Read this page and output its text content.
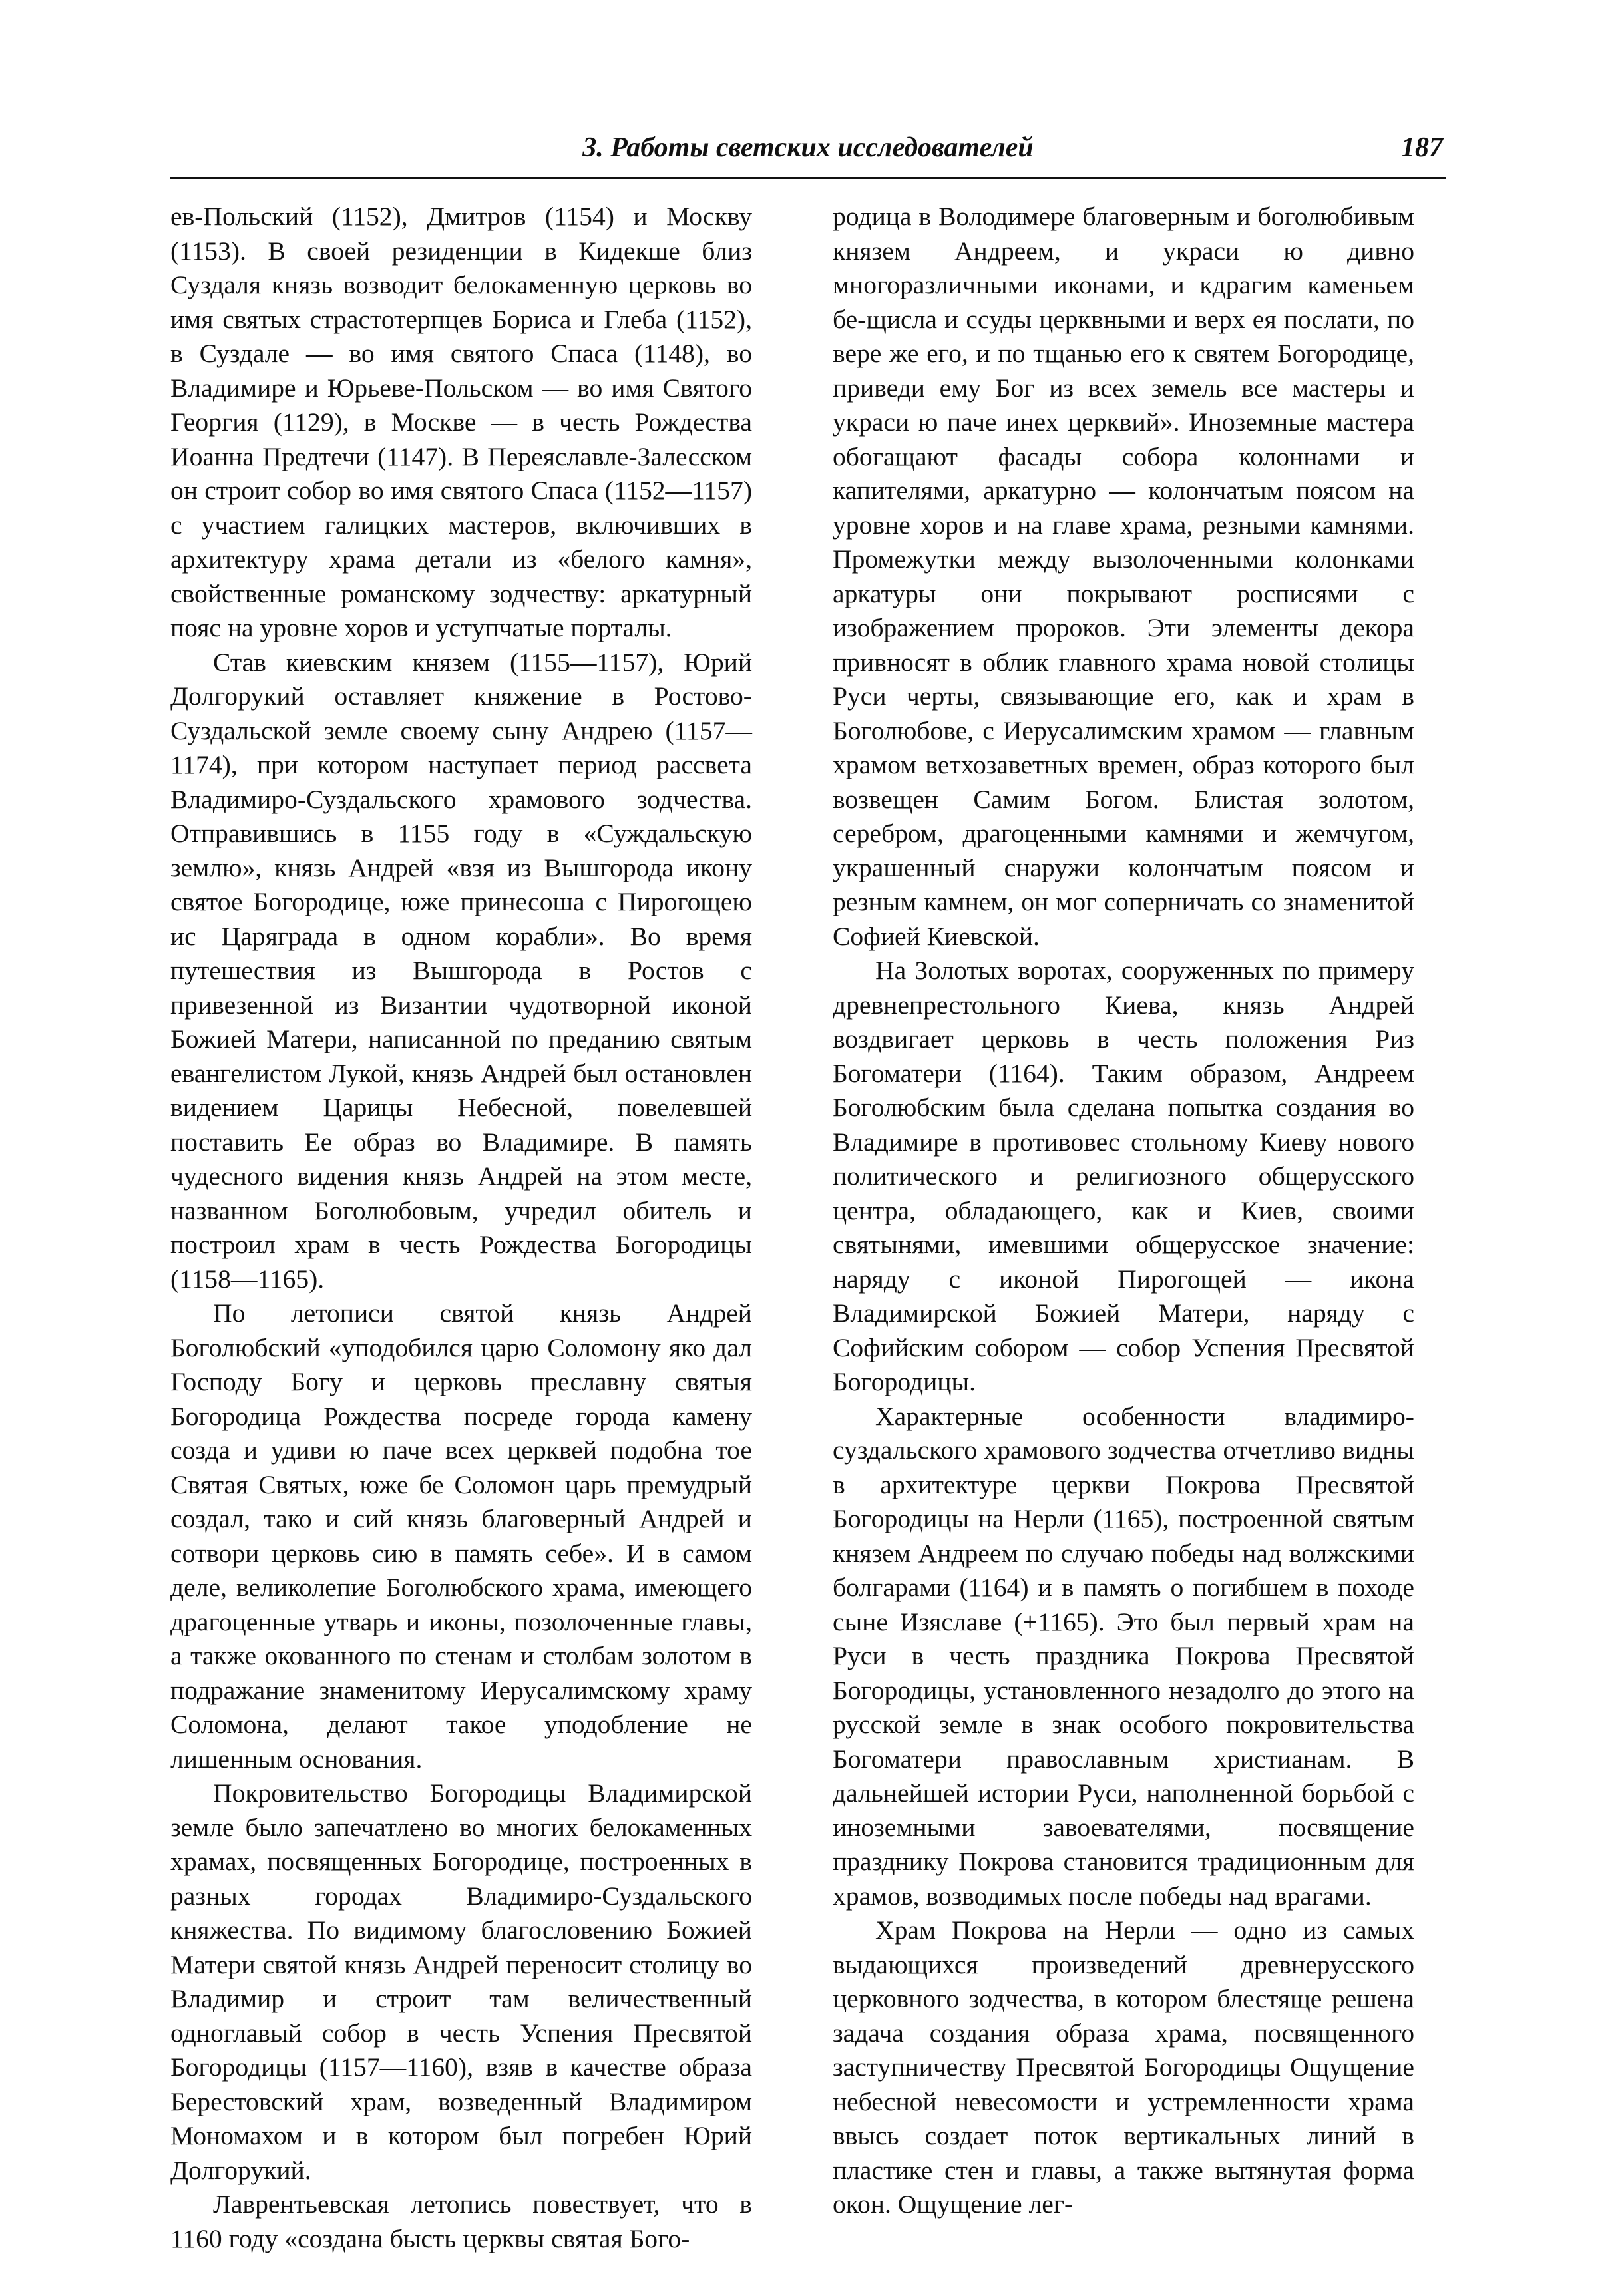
3. Работы светских исследователей	187

ев-Польский (1152), Дмитров (1154) и Москву (1153). В своей резиденции в Кидекше близ Суздаля князь возводит белокаменную церковь во имя святых страстотерпцев Бориса и Глеба (1152), в Суздале — во имя святого Спаса (1148), во Владимире и Юрьеве-Польском — во имя Святого Георгия (1129), в Москве — в честь Рождества Иоанна Предтечи (1147). В Переяславле-Залесском он строит собор во имя святого Спаса (1152—1157) с участием галицких мастеров, включивших в архитектуру храма детали из «белого камня», свойственные романскому зодчеству: аркатурный пояс на уровне хоров и уступчатые порталы.

Став киевским князем (1155—1157), Юрий Долгорукий оставляет княжение в Ростово-Суздальской земле своему сыну Андрею (1157—1174), при котором наступает период рассвета Владимиро-Суздальского храмового зодчества. Отправившись в 1155 году в «Суждальскую землю», князь Андрей «взя из Вышгорода икону святое Богородице, юже принесоша с Пирогощею ис Царяграда в одном корабли». Во время путешествия из Вышгорода в Ростов с привезенной из Византии чудотворной иконой Божией Матери, написанной по преданию святым евангелистом Лукой, князь Андрей был остановлен видением Царицы Небесной, повелевшей поставить Ее образ во Владимире. В память чудесного видения князь Андрей на этом месте, названном Боголюбовым, учредил обитель и построил храм в честь Рождества Богородицы (1158—1165).

По летописи святой князь Андрей Боголюбский «уподобился царю Соломону яко дал Господу Богу и церковь преславну святыя Богородица Рождества посреде города камену созда и удиви ю паче всех церквей подобна тое Святая Святых, юже бе Соломон царь премудрый создал, тако и сий князь благоверный Андрей и сотвори церковь сию в память себе». И в самом деле, великолепие Боголюбского храма, имеющего драгоценные утварь и иконы, позолоченные главы, а также окованного по стенам и столбам золотом в подражание знаменитому Иерусалимскому храму Соломона, делают такое уподобление не лишенным основания.

Покровительство Богородицы Владимирской земле было запечатлено во многих белокаменных храмах, посвященных Богородице, построенных в разных городах Владимиро-Суздальского княжества. По видимому благословению Божией Матери святой князь Андрей переносит столицу во Владимир и строит там величественный одноглавый собор в честь Успения Пресвятой Богородицы (1157—1160), взяв в качестве образа Берестовский храм, возведенный Владимиром Мономахом и в котором был погребен Юрий Долгорукий.

Лаврентьевская летопись повествует, что в 1160 году «создана бысть церквы святая Бого-

родица в Володимере благоверным и боголюбивым князем Андреем, и украси ю дивно многоразличными иконами, и кдрагим каменьем бе-щисла и ссуды церквными и верх ея послати, по вере же его, и по тщанью его к святем Богородице, приведи ему Бог из всех земель все мастеры и украси ю паче инех церквий». Иноземные мастера обогащают фасады собора колоннами и капителями, аркатурно — колончатым поясом на уровне хоров и на главе храма, резными камнями. Промежутки между вызолоченными колонками аркатуры они покрывают росписями с изображением пророков. Эти элементы декора привносят в облик главного храма новой столицы Руси черты, связывающие его, как и храм в Боголюбове, с Иерусалимским храмом — главным храмом ветхозаветных времен, образ которого был возвещен Самим Богом. Блистая золотом, серебром, драгоценными камнями и жемчугом, украшенный снаружи колончатым поясом и резным камнем, он мог соперничать со знаменитой Софией Киевской.

На Золотых воротах, сооруженных по примеру древнепрестольного Киева, князь Андрей воздвигает церковь в честь положения Риз Богоматери (1164). Таким образом, Андреем Боголюбским была сделана попытка создания во Владимире в противовес стольному Киеву нового политического и религиозного общерусского центра, обладающего, как и Киев, своими святынями, имевшими общерусское значение: наряду с иконой Пирогощей — икона Владимирской Божией Матери, наряду с Софийским собором — собор Успения Пресвятой Богородицы.

Характерные особенности владимиро-суздальского храмового зодчества отчетливо видны в архитектуре церкви Покрова Пресвятой Богородицы на Нерли (1165), построенной святым князем Андреем по случаю победы над волжскими болгарами (1164) и в память о погибшем в походе сыне Изяславе (+1165). Это был первый храм на Руси в честь праздника Покрова Пресвятой Богородицы, установленного незадолго до этого на русской земле в знак особого покровительства Богоматери православным христианам. В дальнейшей истории Руси, наполненной борьбой с иноземными завоевателями, посвящение празднику Покрова становится традиционным для храмов, возводимых после победы над врагами.

Храм Покрова на Нерли — одно из самых выдающихся произведений древнерусского церковного зодчества, в котором блестяще решена задача создания образа храма, посвященного заступничеству Пресвятой Богородицы Ощущение небесной невесомости и устремленности храма ввысь создает поток вертикальных линий в пластике стен и главы, а также вытянутая форма окон. Ощущение лег-
